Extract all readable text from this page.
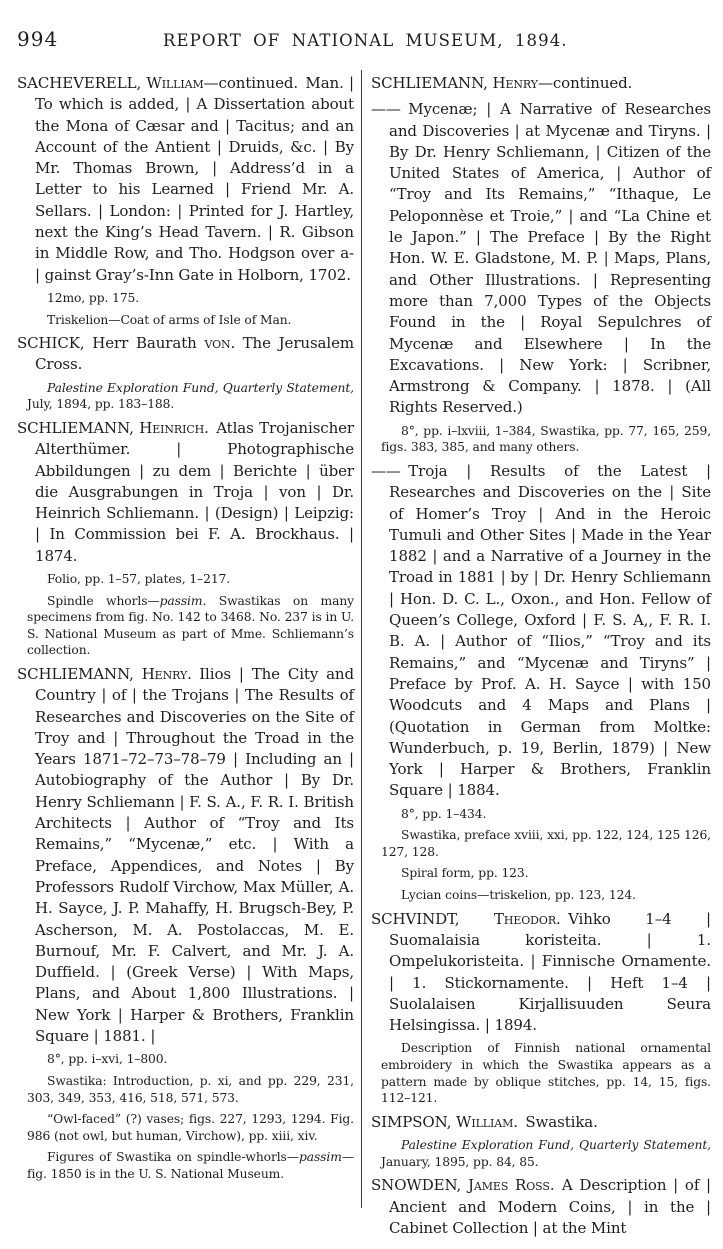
994	REPORT OF NATIONAL MUSEUM, 1894.

SACHEVERELL, William—continued. Man. | To which is added, | A Dissertation about the Mona of Cæsar and | Tacitus; and an Account of the Antient | Druids, &c. | By Mr. Thomas Brown, | Address’d in a Letter to his Learned | Friend Mr. A. Sellars. | London: | Printed for J. Hartley, next the King’s Head Tavern. | R. Gibson in Middle Row, and Tho. Hodgson over a- | gainst Gray’s-Inn Gate in Holborn, 1702.

12mo, pp. 175.

Triskelion—Coat of arms of Isle of Man.

SCHICK, Herr Baurath von. The Jerusalem Cross.

Palestine Exploration Fund, Quarterly Statement, July, 1894, pp. 183–188.

SCHLIEMANN, Heinrich. Atlas Trojanischer Alterthümer. | Photographische Abbildungen | zu dem | Berichte | über die Ausgrabungen in Troja | von | Dr. Heinrich Schliemann. | (Design) | Leipzig: | In Commission bei F. A. Brockhaus. | 1874.

Folio, pp. 1–57, plates, 1–217.

Spindle whorls—passim. Swastikas on many specimens from fig. No. 142 to 3468. No. 237 is in U. S. National Museum as part of Mme. Schliemann’s collection.

SCHLIEMANN, Henry. Ilios | The City and Country | of | the Trojans | The Results of Researches and Discoveries on the Site of Troy and | Throughout the Troad in the Years 1871–72–73–78–79 | Including an | Autobiography of the Author | By Dr. Henry Schliemann | F. S. A., F. R. I. British Architects | Author of “Troy and Its Remains,” “Mycenæ,” etc. | With a Preface, Appendices, and Notes | By Professors Rudolf Virchow, Max Müller, A. H. Sayce, J. P. Mahaffy, H. Brugsch-Bey, P. Ascherson, M. A. Postolaccas, M. E. Burnouf, Mr. F. Calvert, and Mr. J. A. Duffield. | (Greek Verse) | With Maps, Plans, and About 1,800 Illustrations. | New York | Harper & Brothers, Franklin Square | 1881. |

8°, pp. i–xvi, 1–800.

Swastika: Introduction, p. xi, and pp. 229, 231, 303, 349, 353, 416, 518, 571, 573.

“Owl-faced” (?) vases; figs. 227, 1293, 1294. Fig. 986 (not owl, but human, Virchow), pp. xiii, xiv.

Figures of Swastika on spindle-whorls—passim—fig. 1850 is in the U. S. National Museum.

SCHLIEMANN, Henry—continued.

—— Mycenæ; | A Narrative of Researches and Discoveries | at Mycenæ and Tiryns. | By Dr. Henry Schliemann, | Citizen of the United States of America, | Author of “Troy and Its Remains,” “Ithaque, Le Peloponnèse et Troie,” | and “La Chine et le Japon.” | The Preface | By the Right Hon. W. E. Gladstone, M. P. | Maps, Plans, and Other Illustrations. | Representing more than 7,000 Types of the Objects Found in the | Royal Sepulchres of Mycenæ and Elsewhere | In the Excavations. | New York: | Scribner, Armstrong & Company. | 1878. | (All Rights Reserved.)

8°, pp. i–lxviii, 1–384, Swastika, pp. 77, 165, 259, figs. 383, 385, and many others.

—— Troja | Results of the Latest | Researches and Discoveries on the | Site of Homer’s Troy | And in the Heroic Tumuli and Other Sites | Made in the Year 1882 | and a Narrative of a Journey in the Troad in 1881 | by | Dr. Henry Schliemann | Hon. D. C. L., Oxon., and Hon. Fellow of Queen’s College, Oxford | F. S. A,, F. R. I. B. A. | Author of “Ilios,” “Troy and its Remains,” and “Mycenæ and Tiryns” | Preface by Prof. A. H. Sayce | with 150 Woodcuts and 4 Maps and Plans | (Quotation in German from Moltke: Wunderbuch, p. 19, Berlin, 1879) | New York | Harper & Brothers, Franklin Square | 1884.

8°, pp. 1–434.

Swastika, preface xviii, xxi, pp. 122, 124, 125 126, 127, 128.

Spiral form, pp. 123.

Lycian coins—triskelion, pp. 123, 124.

SCHVINDT, Theodor. Vihko 1–4 | Suomalaisia koristeita. | 1. Ompelukoristeita. | Finnische Ornamente. | 1. Stickornamente. | Heft 1–4 | Suolalaisen Kirjallisuuden Seura Helsingissa. | 1894.

Description of Finnish national ornamental embroidery in which the Swastika appears as a pattern made by oblique stitches, pp. 14, 15, figs. 112–121.

SIMPSON, William. Swastika.

Palestine Exploration Fund, Quarterly Statement, January, 1895, pp. 84, 85.

SNOWDEN, James Ross. A Description | of | Ancient and Modern Coins, | in the | Cabinet Collection | at the Mint
